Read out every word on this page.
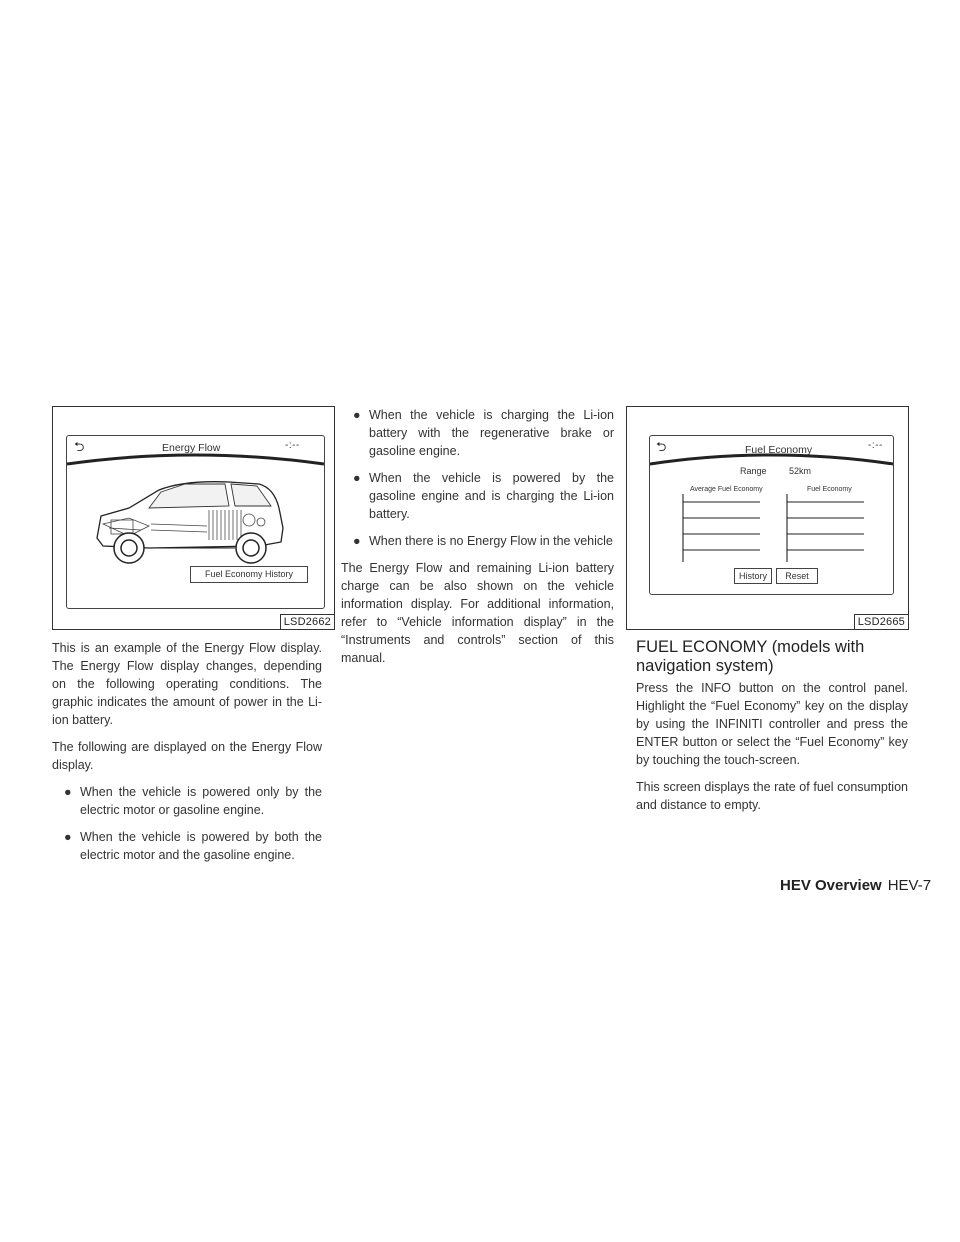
⮌	Energy Flow	-:--
Fuel Economy History
LSD2662

This is an example of the Energy Flow display. The Energy Flow display changes, depending on the following operating conditions. The graphic indicates the amount of power in the Li-ion battery.

The following are displayed on the Energy Flow display.

● When the vehicle is powered only by the electric motor or gasoline engine.
● When the vehicle is powered by both the electric motor and the gasoline engine.
● When the vehicle is charging the Li-ion battery with the regenerative brake or gasoline engine.
● When the vehicle is powered by the gasoline engine and is charging the Li-ion battery.
● When there is no Energy Flow in the vehicle

The Energy Flow and remaining Li-ion battery charge can be also shown on the vehicle information display. For additional information, refer to “Vehicle information display” in the “Instruments and controls” section of this manual.

⮌	Fuel Economy	-:--
Range 52km
Average Fuel Economy	Fuel Economy
History	Reset
LSD2665
FUEL ECONOMY (models with navigation system)

Press the INFO button on the control panel. Highlight the “Fuel Economy” key on the display by using the INFINITI controller and press the ENTER button or select the “Fuel Economy” key by touching the touch-screen.

This screen displays the rate of fuel consumption and distance to empty.

HEV Overview HEV-7
